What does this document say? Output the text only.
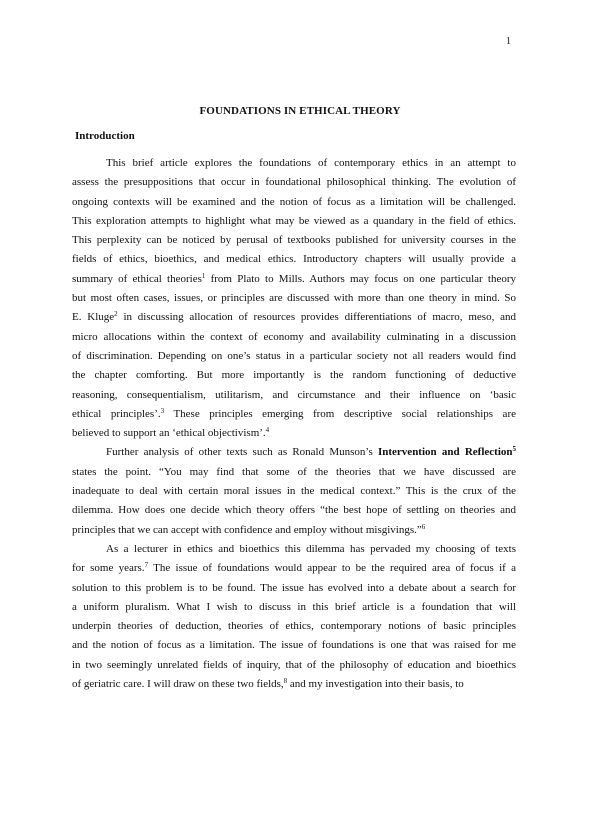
1
FOUNDATIONS IN ETHICAL THEORY
Introduction
This brief article explores the foundations of contemporary ethics in an attempt to
assess the presuppositions that occur in foundational philosophical thinking. The evolution of
ongoing contexts will be examined and the notion of focus as a limitation will be challenged.
This exploration attempts to highlight what may be viewed as a quandary in the field of ethics.
This perplexity can be noticed by perusal of textbooks published for university courses in the
fields of ethics, bioethics, and medical ethics. Introductory chapters will usually provide a
summary of ethical theories$^1$ from Plato to Mills. Authors may focus on one particular theory
but most often cases, issues, or principles are discussed with more than one theory in mind. So
E. Kluge$^2$ in discussing allocation of resources provides differentiations of macro, meso, and
micro allocations within the context of economy and availability culminating in a discussion
of discrimination. Depending on one’s status in a particular society not all readers would find
the chapter comforting. But more importantly is the random functioning of deductive
reasoning, consequentialism, utilitarism, and circumstance and their influence on ‘basic
ethical principles’.$^3$ These principles emerging from descriptive social relationships are
believed to support an ‘ethical objectivism’.$^4$
Further analysis of other texts such as Ronald Munson’s Intervention and Reflection$^5$
states the point. “You may find that some of the theories that we have discussed are
inadequate to deal with certain moral issues in the medical context.” This is the crux of the
dilemma. How does one decide which theory offers “the best hope of settling on theories and
principles that we can accept with confidence and employ without misgivings.”$^6$
As a lecturer in ethics and bioethics this dilemma has pervaded my choosing of texts
for some years.$^7$ The issue of foundations would appear to be the required area of focus if a
solution to this problem is to be found. The issue has evolved into a debate about a search for
a uniform pluralism. What I wish to discuss in this brief article is a foundation that will
underpin theories of deduction, theories of ethics, contemporary notions of basic principles
and the notion of focus as a limitation. The issue of foundations is one that was raised for me
in two seemingly unrelated fields of inquiry, that of the philosophy of education and bioethics
of geriatric care. I will draw on these two fields,$^8$ and my investigation into their basis, to
